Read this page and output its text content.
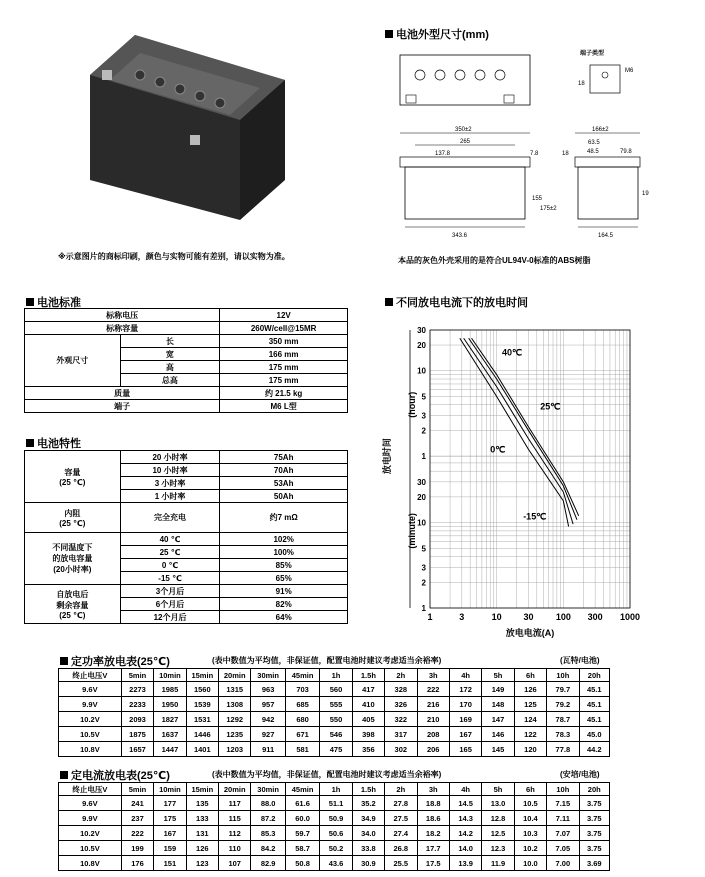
※示意图片的商标印刷，颜色与实物可能有差别，请以实物为准。
电池外型尺寸(mm)
端子类型
M6
18
350±2
265
137.8	7.8
155
175±2
343.6
166±2
63.5
48.5	79.8
18
164.5
19
本品的灰色外壳采用的是符合UL94V-0标准的ABS树脂
电池标准
标称电压		12V
标称容量		260W/cell@15MR
外观尺寸	长	350 mm
	宽	166 mm
	高	175 mm
	总高	175 mm
质量		约 21.5 kg
端子		M6 L型
电池特性
容量
(25 ℃)	20 小时率	75Ah
	10 小时率	70Ah
	3 小时率	53Ah
	1 小时率	50Ah

内阻
(25 ℃)	完全充电	约7 mΩ

不同温度下
的放电容量
(20小时率)	40 ℃	102%
	25 ℃	100%
	0 ℃	85%
	-15 ℃	65%

自放电后
剩余容量
(25 ℃)	3个月后	91%
	6个月后	82%
	12个月后	64%
不同放电电流下的放电时间
1	3	10 30 100 300 1000
30
20
10
5
3
2
1
30
20
10
5
3
2
1
(hour)
(minute)
放电时间
放电电流(A)
40℃
25℃
0℃
-15℃
定功率放电表(25℃)	(表中数值为平均值，非保证值，配置电池时建议考虑适当余裕率)	(瓦特/电池)
终止电压V	5min	10min	15min	20min	30min	45min	1h	1.5h	2h	3h	4h	5h	6h	10h	20h
9.6V	2273	1985	1560	1315	963	703	560	417	328	222	172	149	126	79.7	45.1
9.9V	2233	1950	1539	1308	957	685	555	410	326	216	170	148	125	79.2	45.1
10.2V	2093	1827	1531	1292	942	680	550	405	322	210	169	147	124	78.7	45.1
10.5V	1875	1637	1446	1235	927	671	546	398	317	208	167	146	122	78.3	45.0
10.8V	1657	1447	1401	1203	911	581	475	356	302	206	165	145	120	77.8	44.2
定电流放电表(25℃)	(表中数值为平均值，非保证值，配置电池时建议考虑适当余裕率)	(安培/电池)
终止电压V	5min	10min	15min	20min	30min	45min	1h	1.5h	2h	3h	4h	5h	6h	10h	20h
9.6V	241	177	135	117	88.0	61.6	51.1	35.2	27.8	18.8	14.5	13.0	10.5	7.15	3.75
9.9V	237	175	133	115	87.2	60.0	50.9	34.9	27.5	18.6	14.3	12.8	10.4	7.11	3.75
10.2V	222	167	131	112	85.3	59.7	50.6	34.0	27.4	18.2	14.2	12.5	10.3	7.07	3.75
10.5V	199	159	126	110	84.2	58.7	50.2	33.8	26.8	17.7	14.0	12.3	10.2	7.05	3.75
10.8V	176	151	123	107	82.9	50.8	43.6	30.9	25.5	17.5	13.9	11.9	10.0	7.00	3.69
